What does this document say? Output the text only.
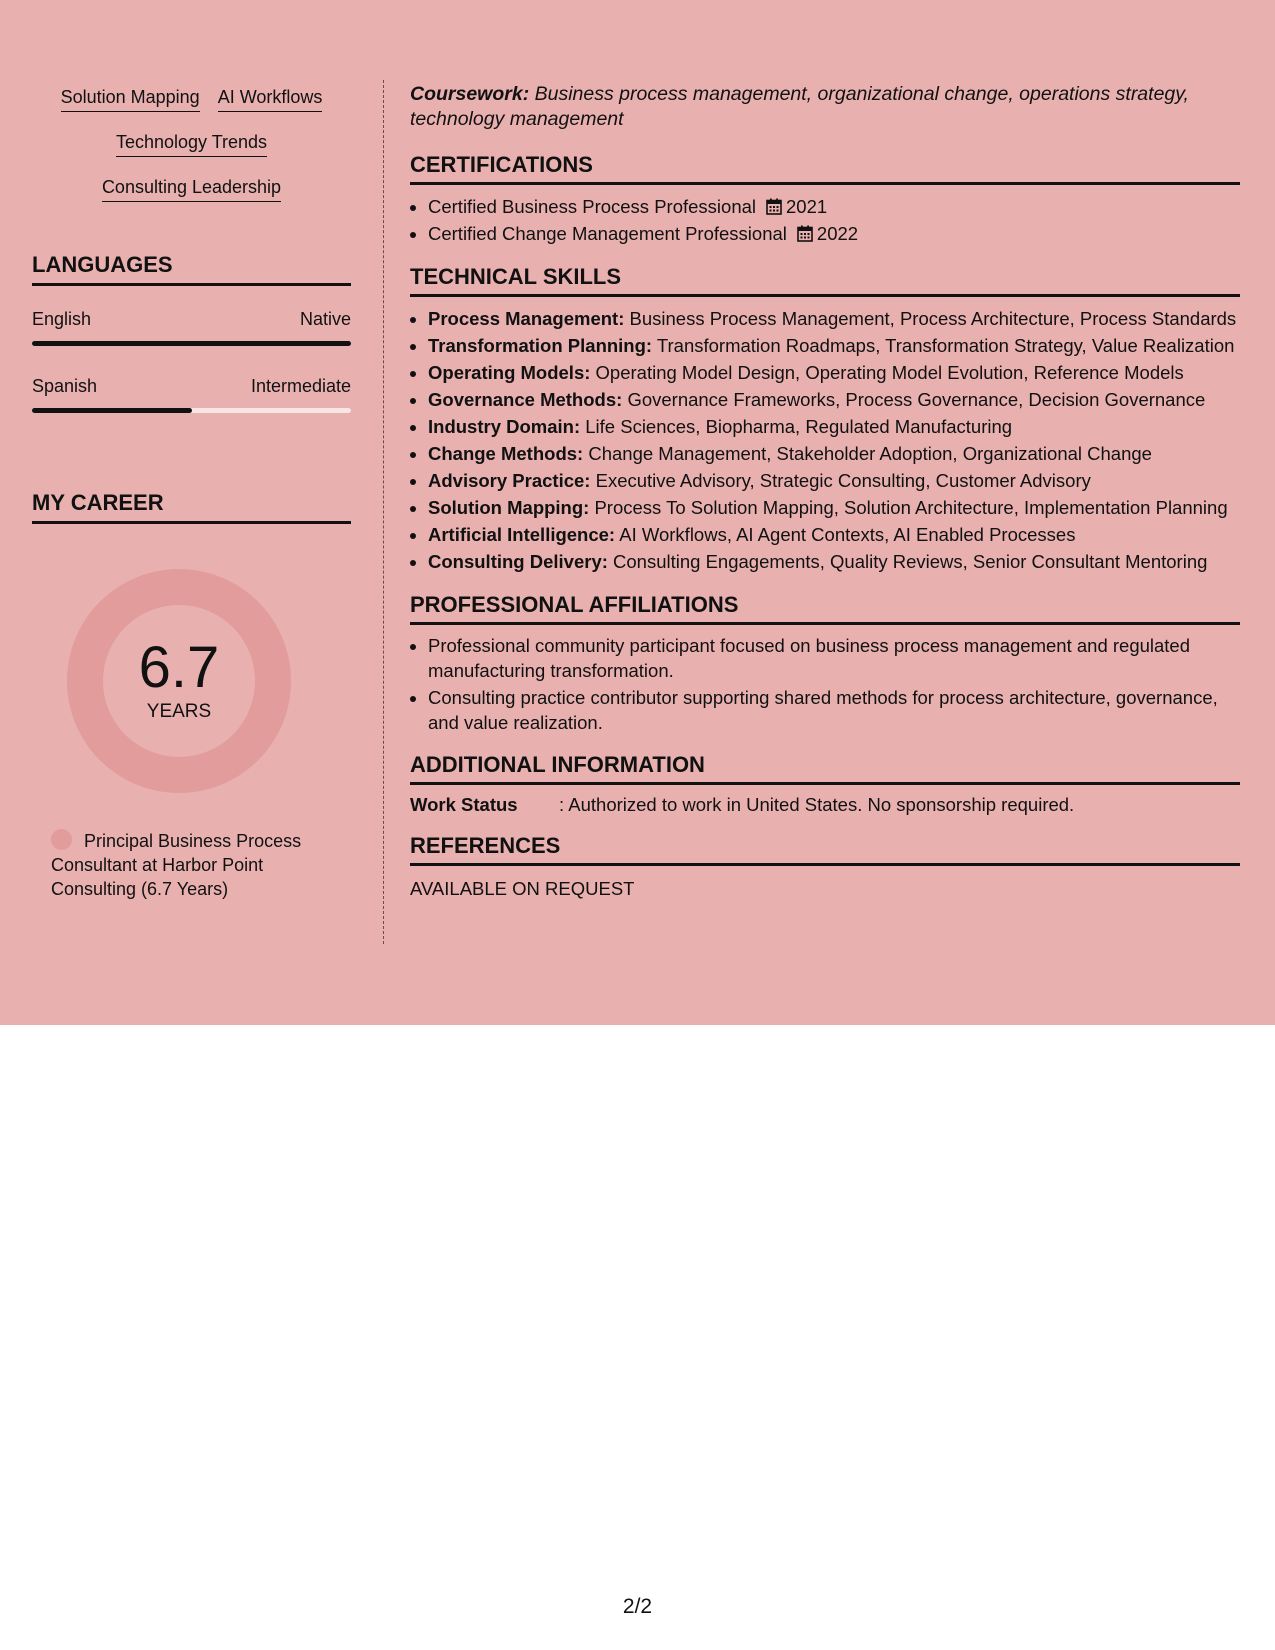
Solution Mapping AI Workflows
Technology Trends
Consulting Leadership
LANGUAGES
English	Native
Spanish	Intermediate
MY CAREER
6.7
YEARS
Principal Business Process Consultant at Harbor Point Consulting (6.7 Years)

Coursework: Business process management, organizational change, operations strategy, technology management

CERTIFICATIONS
• Certified Business Process Professional 2021
• Certified Change Management Professional 2022
TECHNICAL SKILLS
• Process Management: Business Process Management, Process Architecture, Process Standards
• Transformation Planning: Transformation Roadmaps, Transformation Strategy, Value Realization
• Operating Models: Operating Model Design, Operating Model Evolution, Reference Models
• Governance Methods: Governance Frameworks, Process Governance, Decision Governance
• Industry Domain: Life Sciences, Biopharma, Regulated Manufacturing
• Change Methods: Change Management, Stakeholder Adoption, Organizational Change
• Advisory Practice: Executive Advisory, Strategic Consulting, Customer Advisory
• Solution Mapping: Process To Solution Mapping, Solution Architecture, Implementation Planning
• Artificial Intelligence: AI Workflows, AI Agent Contexts, AI Enabled Processes
• Consulting Delivery: Consulting Engagements, Quality Reviews, Senior Consultant Mentoring
PROFESSIONAL AFFILIATIONS
• Professional community participant focused on business process management and regulated manufacturing transformation.
• Consulting practice contributor supporting shared methods for process architecture, governance, and value realization.
ADDITIONAL INFORMATION
Work Status	: Authorized to work in United States. No sponsorship required.
REFERENCES
AVAILABLE ON REQUEST
2/2
